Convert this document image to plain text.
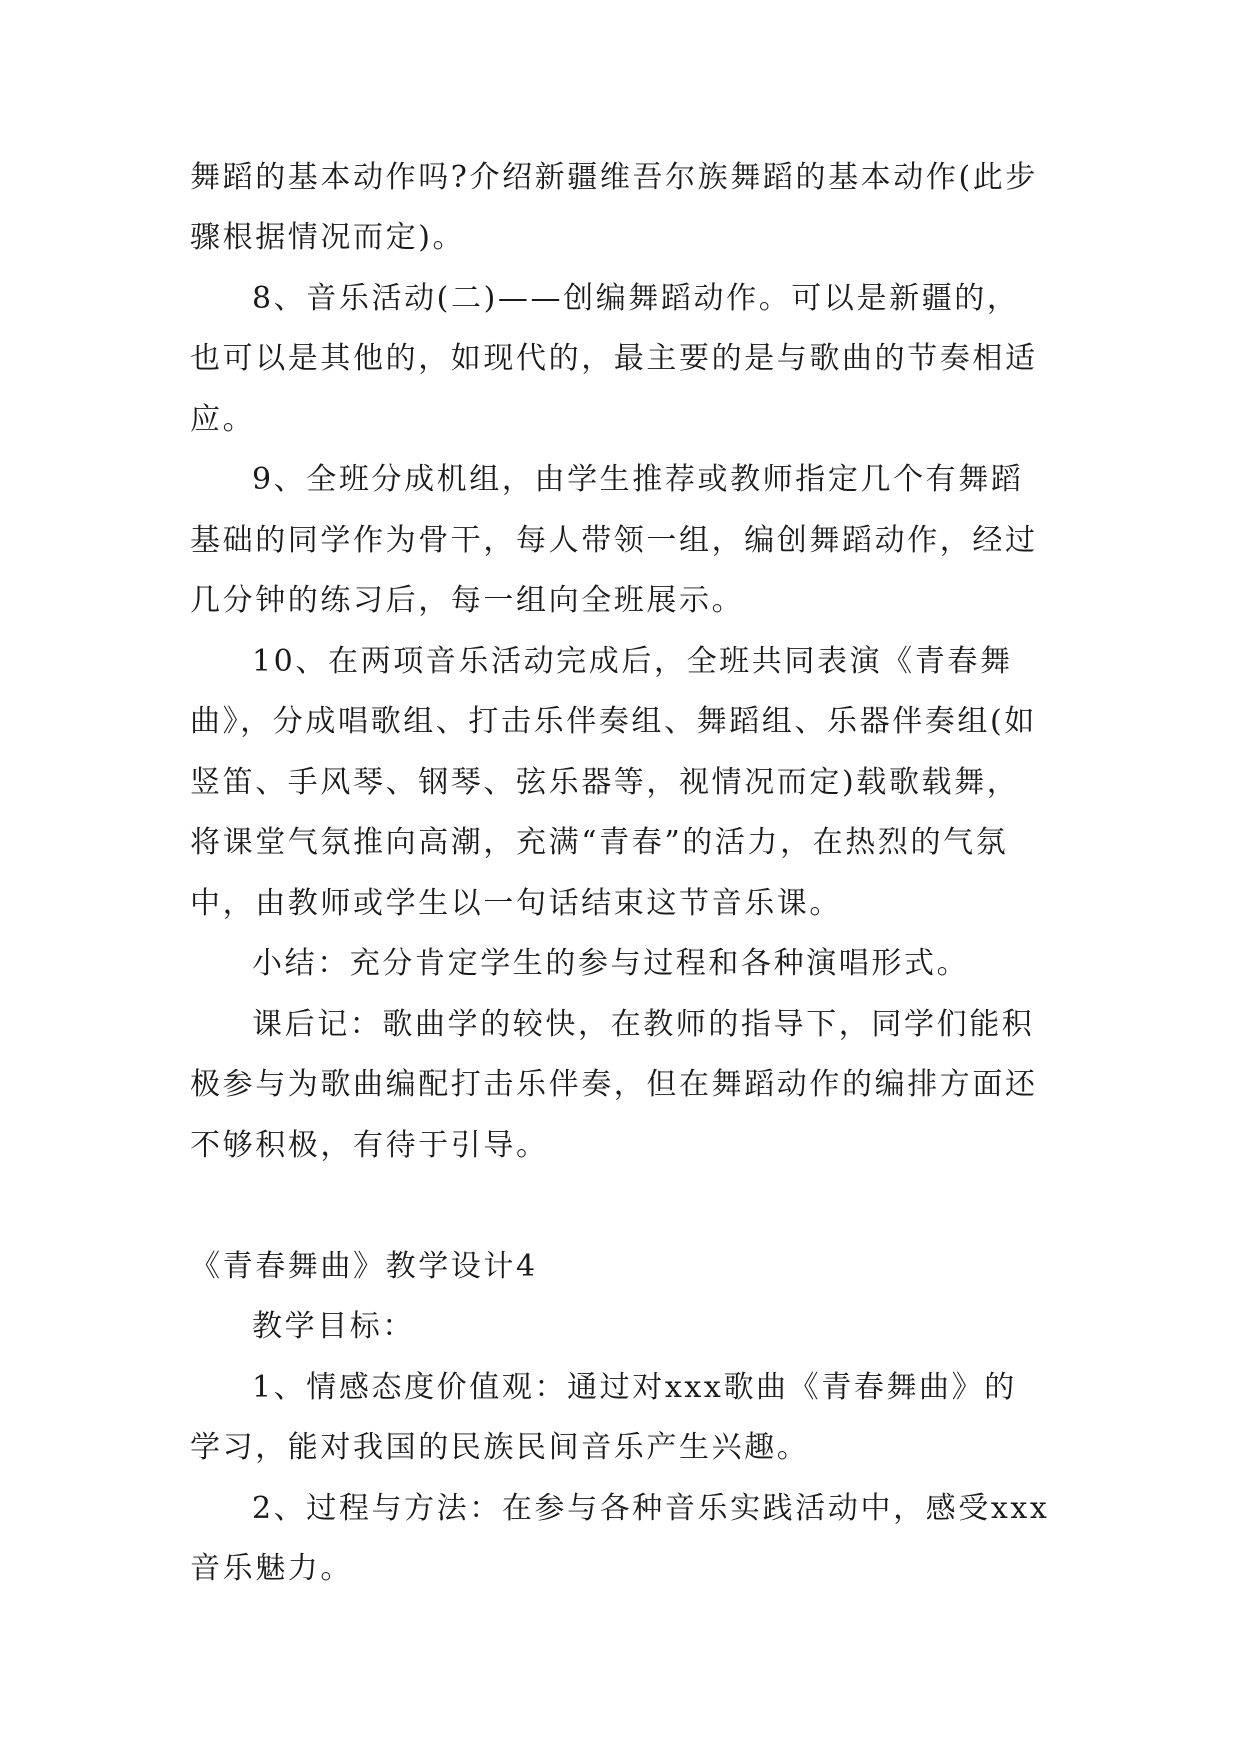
舞蹈的基本动作吗?介绍新疆维吾尔族舞蹈的基本动作(此步
骤根据情况而定)。
8、音乐活动(二)——创编舞蹈动作。可以是新疆的，
也可以是其他的，如现代的，最主要的是与歌曲的节奏相适
应。
9、全班分成机组，由学生推荐或教师指定几个有舞蹈
基础的同学作为骨干，每人带领一组，编创舞蹈动作，经过
几分钟的练习后，每一组向全班展示。
10、在两项音乐活动完成后，全班共同表演《青春舞
曲》，分成唱歌组、打击乐伴奏组、舞蹈组、乐器伴奏组(如
竖笛、手风琴、钢琴、弦乐器等，视情况而定)载歌载舞，
将课堂气氛推向高潮，充满“青春”的活力，在热烈的气氛
中，由教师或学生以一句话结束这节音乐课。
小结：充分肯定学生的参与过程和各种演唱形式。
课后记：歌曲学的较快，在教师的指导下，同学们能积
极参与为歌曲编配打击乐伴奏，但在舞蹈动作的编排方面还
不够积极，有待于引导。
《青春舞曲》教学设计4
教学目标：
1、情感态度价值观：通过对xxx歌曲《青春舞曲》的
学习，能对我国的民族民间音乐产生兴趣。
2、过程与方法：在参与各种音乐实践活动中，感受xxx
音乐魅力。
